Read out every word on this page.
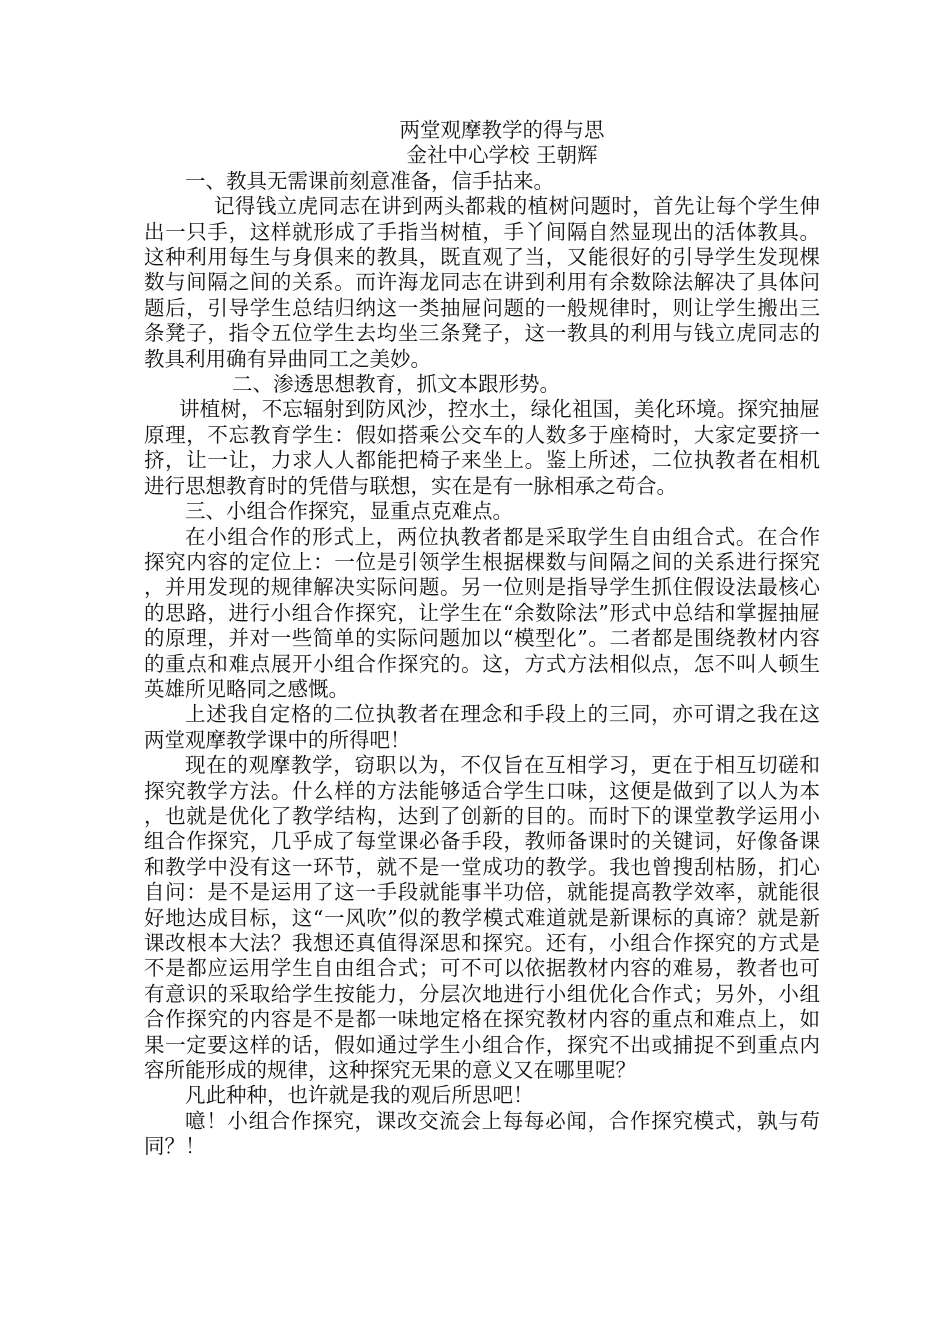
两堂观摩教学的得与思

金社中心学校 王朝辉

一、教具无需课前刻意准备，信手拈来。

记得钱立虎同志在讲到两头都栽的植树问题时，首先让每个学生伸出一只手，这样就形成了手指当树植，手丫间隔自然显现出的活体教具。这种利用每生与身俱来的教具，既直观了当，又能很好的引导学生发现棵数与间隔之间的关系。而许海龙同志在讲到利用有余数除法解决了具体问题后，引导学生总结归纳这一类抽屉问题的一般规律时，则让学生搬出三条凳子，指令五位学生去均坐三条凳子，这一教具的利用与钱立虎同志的教具利用确有异曲同工之美妙。

二、渗透思想教育，抓文本跟形势。

讲植树，不忘辐射到防风沙，控水土，绿化祖国，美化环境。探究抽屉原理，不忘教育学生：假如搭乘公交车的人数多于座椅时，大家定要挤一挤，让一让，力求人人都能把椅子来坐上。鉴上所述，二位执教者在相机进行思想教育时的凭借与联想，实在是有一脉相承之苟合。

三、小组合作探究，显重点克难点。

在小组合作的形式上，两位执教者都是采取学生自由组合式。在合作探究内容的定位上：一位是引领学生根据棵数与间隔之间的关系进行探究，并用发现的规律解决实际问题。另一位则是指导学生抓住假设法最核心的思路，进行小组合作探究，让学生在“余数除法”形式中总结和掌握抽屉的原理，并对一些简单的实际问题加以“模型化”。二者都是围绕教材内容的重点和难点展开小组合作探究的。这，方式方法相似点，怎不叫人顿生英雄所见略同之感慨。

上述我自定格的二位执教者在理念和手段上的三同，亦可谓之我在这两堂观摩教学课中的所得吧！

现在的观摩教学，窃职以为，不仅旨在互相学习，更在于相互切磋和探究教学方法。什么样的方法能够适合学生口味，这便是做到了以人为本，也就是优化了教学结构，达到了创新的目的。而时下的课堂教学运用小组合作探究，几乎成了每堂课必备手段，教师备课时的关键词，好像备课和教学中没有这一环节，就不是一堂成功的教学。我也曾搜刮枯肠，扪心自问：是不是运用了这一手段就能事半功倍，就能提高教学效率，就能很好地达成目标，这“一风吹”似的教学模式难道就是新课标的真谛？就是新课改根本大法？我想还真值得深思和探究。还有，小组合作探究的方式是不是都应运用学生自由组合式；可不可以依据教材内容的难易，教者也可有意识的采取给学生按能力，分层次地进行小组优化合作式；另外，小组合作探究的内容是不是都一味地定格在探究教材内容的重点和难点上，如果一定要这样的话，假如通过学生小组合作，探究不出或捕捉不到重点内容所能形成的规律，这种探究无果的意义又在哪里呢？

凡此种种，也许就是我的观后所思吧！

噫！小组合作探究，课改交流会上每每必闻，合作探究模式，孰与苟同？！
